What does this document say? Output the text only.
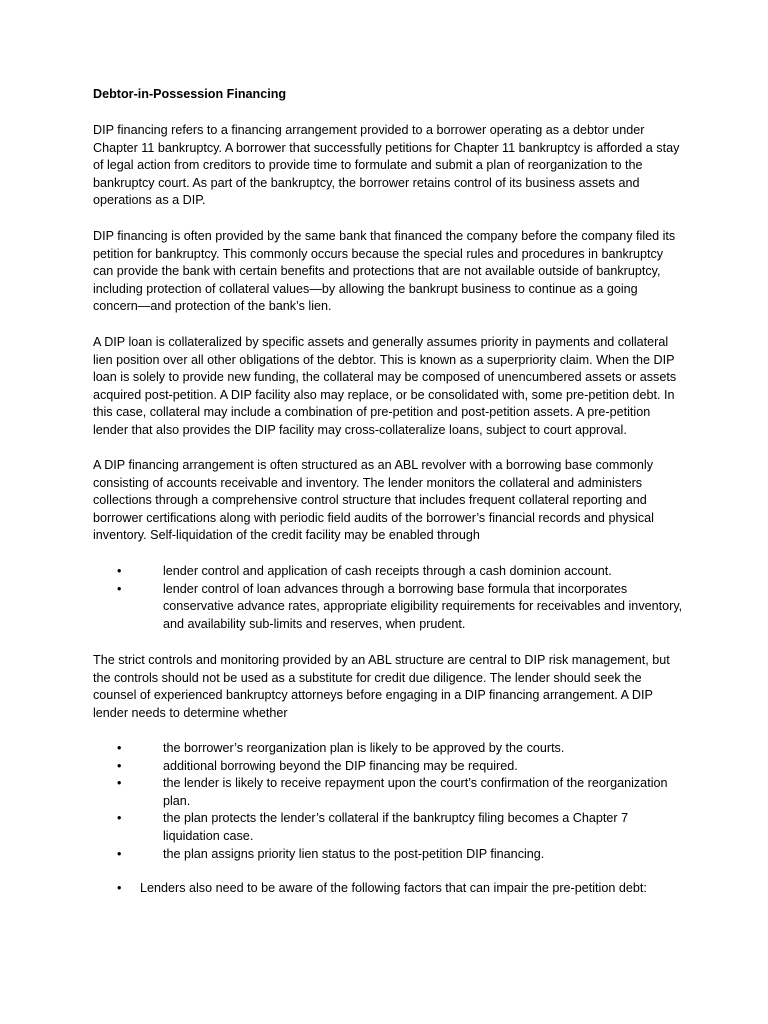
Debtor-in-Possession Financing

DIP financing refers to a financing arrangement provided to a borrower operating as a debtor under Chapter 11 bankruptcy. A borrower that successfully petitions for Chapter 11 bankruptcy is afforded a stay of legal action from creditors to provide time to formulate and submit a plan of reorganization to the bankruptcy court. As part of the bankruptcy, the borrower retains control of its business assets and operations as a DIP.

DIP financing is often provided by the same bank that financed the company before the company filed its petition for bankruptcy. This commonly occurs because the special rules and procedures in bankruptcy can provide the bank with certain benefits and protections that are not available outside of bankruptcy, including protection of collateral values—by allowing the bankrupt business to continue as a going concern—and protection of the bank’s lien.

A DIP loan is collateralized by specific assets and generally assumes priority in payments and collateral lien position over all other obligations of the debtor. This is known as a superpriority claim. When the DIP loan is solely to provide new funding, the collateral may be composed of unencumbered assets or assets acquired post-petition. A DIP facility also may replace, or be consolidated with, some pre-petition debt. In this case, collateral may include a combination of pre-petition and post-petition assets. A pre-petition lender that also provides the DIP facility may cross-collateralize loans, subject to court approval.

A DIP financing arrangement is often structured as an ABL revolver with a borrowing base commonly consisting of accounts receivable and inventory. The lender monitors the collateral and administers collections through a comprehensive control structure that includes frequent collateral reporting and borrower certifications along with periodic field audits of the borrower’s financial records and physical inventory. Self-liquidation of the credit facility may be enabled through

•	lender control and application of cash receipts through a cash dominion account.
•	lender control of loan advances through a borrowing base formula that incorporates conservative advance rates, appropriate eligibility requirements for receivables and inventory, and availability sub-limits and reserves, when prudent.

The strict controls and monitoring provided by an ABL structure are central to DIP risk management, but the controls should not be used as a substitute for credit due diligence. The lender should seek the counsel of experienced bankruptcy attorneys before engaging in a DIP financing arrangement. A DIP lender needs to determine whether

•	the borrower’s reorganization plan is likely to be approved by the courts.
•	additional borrowing beyond the DIP financing may be required.
•	the lender is likely to receive repayment upon the court’s confirmation of the reorganization plan.
•	the plan protects the lender’s collateral if the bankruptcy filing becomes a Chapter 7 liquidation case.
•	the plan assigns priority lien status to the post-petition DIP financing.
• Lenders also need to be aware of the following factors that can impair the pre-petition debt:
